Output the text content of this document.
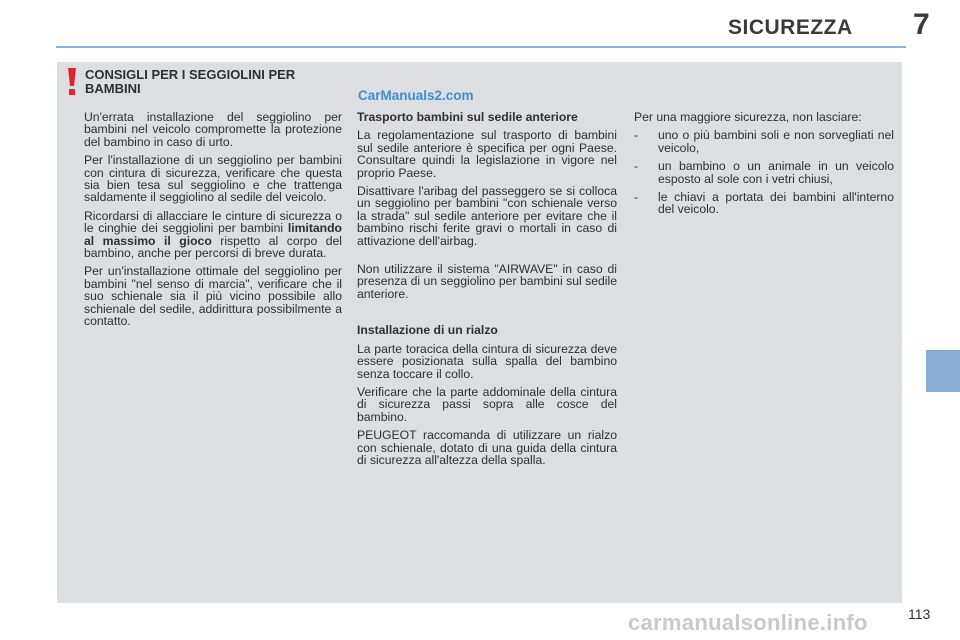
SICUREZZA 7
CONSIGLI PER I SEGGIOLINI PER BAMBINI	CarManuals2.com

Un'errata installazione del seggiolino per bambini nel veicolo compromette la protezione del bambino in caso di urto.

Per l'installazione di un seggiolino per bambini con cintura di sicurezza, verificare che questa sia bien tesa sul seggiolino e che trattenga saldamente il seggiolino al sedile del veicolo.

Ricordarsi di allacciare le cinture di sicurezza o le cinghie dei seggiolini per bambini limitando al massimo il gioco rispetto al corpo del bambino, anche per percorsi di breve durata.

Per un'installazione ottimale del seggiolino per bambini "nel senso di marcia", verificare che il suo schienale sia il più vicino possibile allo schienale del sedile, addirittura possibilmente a contatto.

Trasporto bambini sul sedile anteriore

La regolamentazione sul trasporto di bambini sul sedile anteriore è specifica per ogni Paese. Consultare quindi la legislazione in vigore nel proprio Paese.

Disattivare l'aribag del passeggero se si colloca un seggiolino per bambini "con schienale verso la strada" sul sedile anteriore per evitare che il bambino rischi ferite gravi o mortali in caso di attivazione dell'airbag.

Non utilizzare il sistema "AIRWAVE" in caso di presenza di un seggiolino per bambini sul sedile anteriore.

Installazione di un rialzo

La parte toracica della cintura di sicurezza deve essere posizionata sulla spalla del bambino senza toccare il collo.

Verificare che la parte addominale della cintura di sicurezza passi sopra alle cosce del bambino.

PEUGEOT raccomanda di utilizzare un rialzo con schienale, dotato di una guida della cintura di sicurezza all'altezza della spalla.

Per una maggiore sicurezza, non lasciare:

- uno o più bambini soli e non sorvegliati nel veicolo,
- un bambino o un animale in un veicolo esposto al sole con i vetri chiusi,
- le chiavi a portata dei bambini all'interno del veicolo.
carmanualsonline.info	113
